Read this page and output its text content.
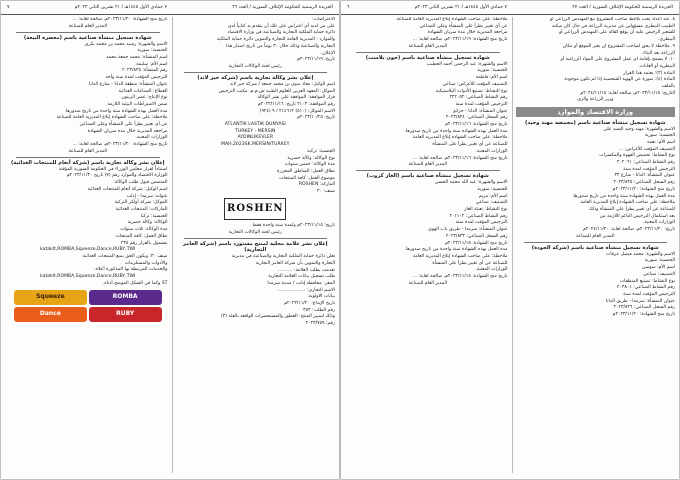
الجريدة الرسمية للحكومة الإئتلاف السورية / العدد ٢٦
٧ جمادى الأول ١٤٤٥هـ / ٢١ تشرين الثاني ٢٠٢٣م
٧

الاعتراضات:

على من لديه أي اعتراض على تلك أن يتقدم به كتابياً لدى

دائرة حماية الملكية التجارية والصناعية في وزارة الاقتصاد

والموارد - المديرية العامة للتجارة والتموين دائرة حماية الملكية

التجارية والصناعية وذلك خلال ٣٠ يوماً من تاريخ اصدار هذا

الإعلان.

تاريخ: ٢٠٢٣/١١/١٩م

رئيس لجنة الوكالات التجارية

إعلان نشر وكالة تجارية باسم (شركة خير لاند)

اسم الوكيل: معاذ بدوي بن محمد جمعة / شركة خير لاند

الموكل: المعهد العربي للعلوم الطبية ش.م.م. مكتب الترخيص

قرار الموافقة: الموافقة على نشر الوكالة

رقم الموافقة: ٢١٠٣ تاريخ: ٢٠٢٣/١١/١٦م

الاسم الموكل: (٥١٠) ٢١٤٦١٢ / ٩ (٩٢٤)

تاريخ: ٢٠٢٣/١٠/٢٥م

ATLANTIK LASTIK DUNYASI

TURKEY - MERSIN

AYDINLIKEVLER

MAH.2023SK.MERSIN/TURKEY

الجنسية: تركية

نوع الوكالة: وكالة حصرية

مدة الوكالة: خمس سنوات

نطاق العمل: المناطق المحررة

موضوع العمل: كافة المنتجات

الماركة: ROSHEN

صنف: ٣٠

ROSHEN

تاريخ: ٢٠٢٣/١١/١٥م ولمدة سنة واحدة فقط

رئيس لجنة الوكالات التجارية

إعلان نشر علامة محلية لمنتج مستورد باسم (شركة العامر التجارية)

تعلن دائرة حماية الملكية التجارية والصناعية في مديرية

التجارة والتموين بأن شركة العامر التجارية

تقدمت بطلب العلامة: ..........

طلب تسجيل بيانات العلامة التجارية

المقر: محافظة إدلب / مدينة سرمدا

الاسم التجاري: ...................

بيانات الاولوية:

تاريخ الإيداع: ٢٠٢٣/١١/٢٠م

رقم الطلب: ٣٥٣

وذلك لتمييز المنتج: العطور والمستحضرات الواقعة بالفئة (٣)

رقم: ٢٠٢٣/٧٥٩

تاريخ منح الشهادة: ٢٠٢٣/١١/٢٠م، صالحة لغاية: ...

المدير العام للصناعة

شهادة تسجيل منشأة صناعية باسم (معصرة البيعة)

الاسم والشهرة: رشيد محمد بن محمد بكرى

الجنسية: سورية

اسم المنشأة: محمد جمعة محمد

اسم الأم: سليمة

رقم المنشأة: ٢٠٢٣/٨٣٥

الترخيص المؤقت لمدة سنة وأحد

عنوان المنشأة: منطقة الدانا - شارع الدانا

القطاع: الصناعات الغذائية

نوع الإنتاج: عصر الزيتون

ضمن الاشتراطات البيئية اللازمة

مدة العمل بهذه الشهادة سنة واحدة من تاريخ صدورها.

ملاحظة: على صاحب الشهادة إبلاغ المديرية العامة للصناعة

عن أي تغيير يطرأ على المنشأة وعلى الصناعي

مراجعة المديرية خلال مدة سريان الشهادة

الوزارات المعنية.

تاريخ منح الشهادة: ٢٠٢٣/١١/٢٠م، صالحة لغاية: ...

المدير العام للصناعة

إعلان نشر وكالة تجارية باسم (شركة أنغام للمنتجات الغذائية)

استناداً لقرار مجلس الوزراء في الحكومة السورية المؤقتة

الوزارة الاقتصاد والموارد رقم (٧) تاريخ ٢٠٢٣/١١/٢٠م

المتضمن قبول طلب الوكالة:

اسم الوكيل: شركة أنغام للمنتجات الغذائية

عنوانه: سرمدا - إدلب

الموكل: شركة أولكر التركية

الماركات: المنتجات الغذائية

الجنسية: تركيا

الوكالة: وكالة حصرية

مدة الوكالة: ثلاث سنوات

نطاق العمل: كافة المنتجات

مشمول بالقرار رقم ٢٣٥

kataklt,ROMBA,Squeeze,Dance,RUBY,TWI

صنف ٣٠: ويكون الحق بمنع المنتجات الغذائية

والأدوات والمستلزمات

والخدمات المرتبطة بها المذكورة أعلاه.

kataklt,ROMBA,Squeeze,Dance,RUBY,TWI

ST وكما في الشكل الموضح أدناه.

ROMBA
Squeeze
RUBY
Dance
الجريدة الرسمية للحكومة الإئتلاف السورية / العدد ٢٧
٧ جمادى الأول ١٤٤٥هـ / ٢١ تشرين الثاني ٢٠٢٣م
٦

٨. عند اعداد يجب بلاحظ صاحب المشروع مع المهندس الزراعي او

الطبيب البيطري مسؤولين عن مديرية الزراعة في حال كان سكنه

للشعير الرخيص عليه أن يوقع كفالة على المهندس الزراعي أو

البيطري.

٩. ملاحظة لا يحق لصاحب المشروع ان يغير الموقع أو مكان

الزراعة بعد البناء.

١٠. لا يسمح بإقامة اي عمل المشروع على المواد الزراعية أو

البيطرية أو الغابات.

المادة (٣): يعتمد هذا القرار

المادة (٤): صورة عن الهوية الشخصية إذا لم تكون موجودة

بالملف.

التاريخ: ٢٠٢٣/١١/١٥م، صالحة لغاية: ٢٠٢٤/١١/١٥م

وزير الزراعة والري

وزارة الاقتصاد والموارد

شهادة تسجيل منشأة صناعية باسم (محمصة مهند وحيد)

الاسم والشهرة: مهند وحيد السيد علي

الجنسية: سورية

اسم الأم: نعمة

التصنيف المؤقت للأغراض: ...

نوع النشاط: تحميص القهوة والمكسرات

رقم النشاط الصناعي: ٢٠٢٠٦١

الترخيص المؤقت لمدة سنة

عنوان المنشأة: الدانا - شارع ٣٣

رقم السجل الصناعي: ٢٠٢٣/٨٣٥

تاريخ منح الشهادة: ٢٠٢٣/١١/٢٠م

مدة العمل بهذه الشهادة سنة واحدة من تاريخ صدورها.

ملاحظة: على صاحب الشهادة إبلاغ المديرية العامة

للصناعة عن أي تغيير يطرأ على المنشأة وذلك

بعد استكمال الترخيص الدائم اللازمة من

الوزارات المعنية.

تاريخ: ٢٠٢٣/١١/٢٠م، صالحة لغاية: ٢٠٢٤/١١/٢٠م

المدير العام للصناعة

شهادة تسجيل منشأة صناعية باسم (شركة الجودة)

الاسم والشهرة: محمد فيصل عرفات

الجنسية: سورية

اسم الأم: سوسن

التصنيف: صناعي

نوع النشاط: تصنيع المنظفات

رقم النشاط الصناعي: ٢٠٣٨٠١

الترخيص المؤقت لمدة سنة

عنوان المنشأة: سرمدا - طريق الدانا

رقم السجل الصناعي: ٢٠٢٣/٨٣٦

تاريخ منح الشهادة: ٢٠٢٣/١١/٢٠م

ملاحظة: على صاحب الشهادة إبلاغ المديرية العامة للصناعة

عن أي تغيير يطرأ على المنشأة وعلى الصناعي

مراجعة المديرية خلال مدة سريان الشهادة

تاريخ منح الشهادة: ٢٠٢٣/١١/١٩م، صالحة لغاية: ...

المدير العام للصناعة

شهادة تسجيل منشأة صناعية باسم (جون بلاست)

الاسم والشهرة: عبد الرحمن أحمد الخطيب

الجنسية: سورية

اسم الأم: فاطمة

التصنيف المؤقت للأغراض: صناعي

نوع النشاط: تصنيع الأدوات البلاستيكية

رقم النشاط الصناعي: ٢٢٢٠٥٢

الترخيص المؤقت لمدة سنة

عنوان المنشأة: الدانا - حزانو

رقم السجل الصناعي: ٢٠٢٣/٨٣٤

تاريخ منح الشهادة: ٢٠٢٣/١١/١٦م

مدة العمل بهذه الشهادة سنة واحدة من تاريخ صدورها.

ملاحظة: على صاحب الشهادة إبلاغ المديرية العامة

للصناعة عن أي تغيير يطرأ على المنشأة

الوزارات المعنية.

تاريخ منح الشهادة: ٢٠٢٣/١١/١٦م، صالحة لغاية: ...

المدير العام للصناعة

شهادة تسجيل منشأة صناعية باسم (الغاز كروب)

الاسم والشهرة: عبد الله محمد الحسن

الجنسية: سورية

اسم الأم: مريم

التصنيف: صناعي

نوع النشاط: تعبئة الغاز

رقم النشاط الصناعي: ٢٠١١٠٢

الترخيص المؤقت لمدة سنة

عنوان المنشأة: سرمدا - طريق باب الهوى

رقم السجل الصناعي: ٢٠٢٣/٨٣٣

تاريخ منح الشهادة: ٢٠٢٣/١١/١٥م

مدة العمل بهذه الشهادة سنة واحدة من تاريخ صدورها.

ملاحظة: على صاحب الشهادة إبلاغ المديرية العامة

للصناعة عن أي تغيير يطرأ على المنشأة

الوزارات المعنية.

تاريخ منح الشهادة: ٢٠٢٣/١١/١٥م، صالحة لغاية: ...

المدير العام للصناعة
